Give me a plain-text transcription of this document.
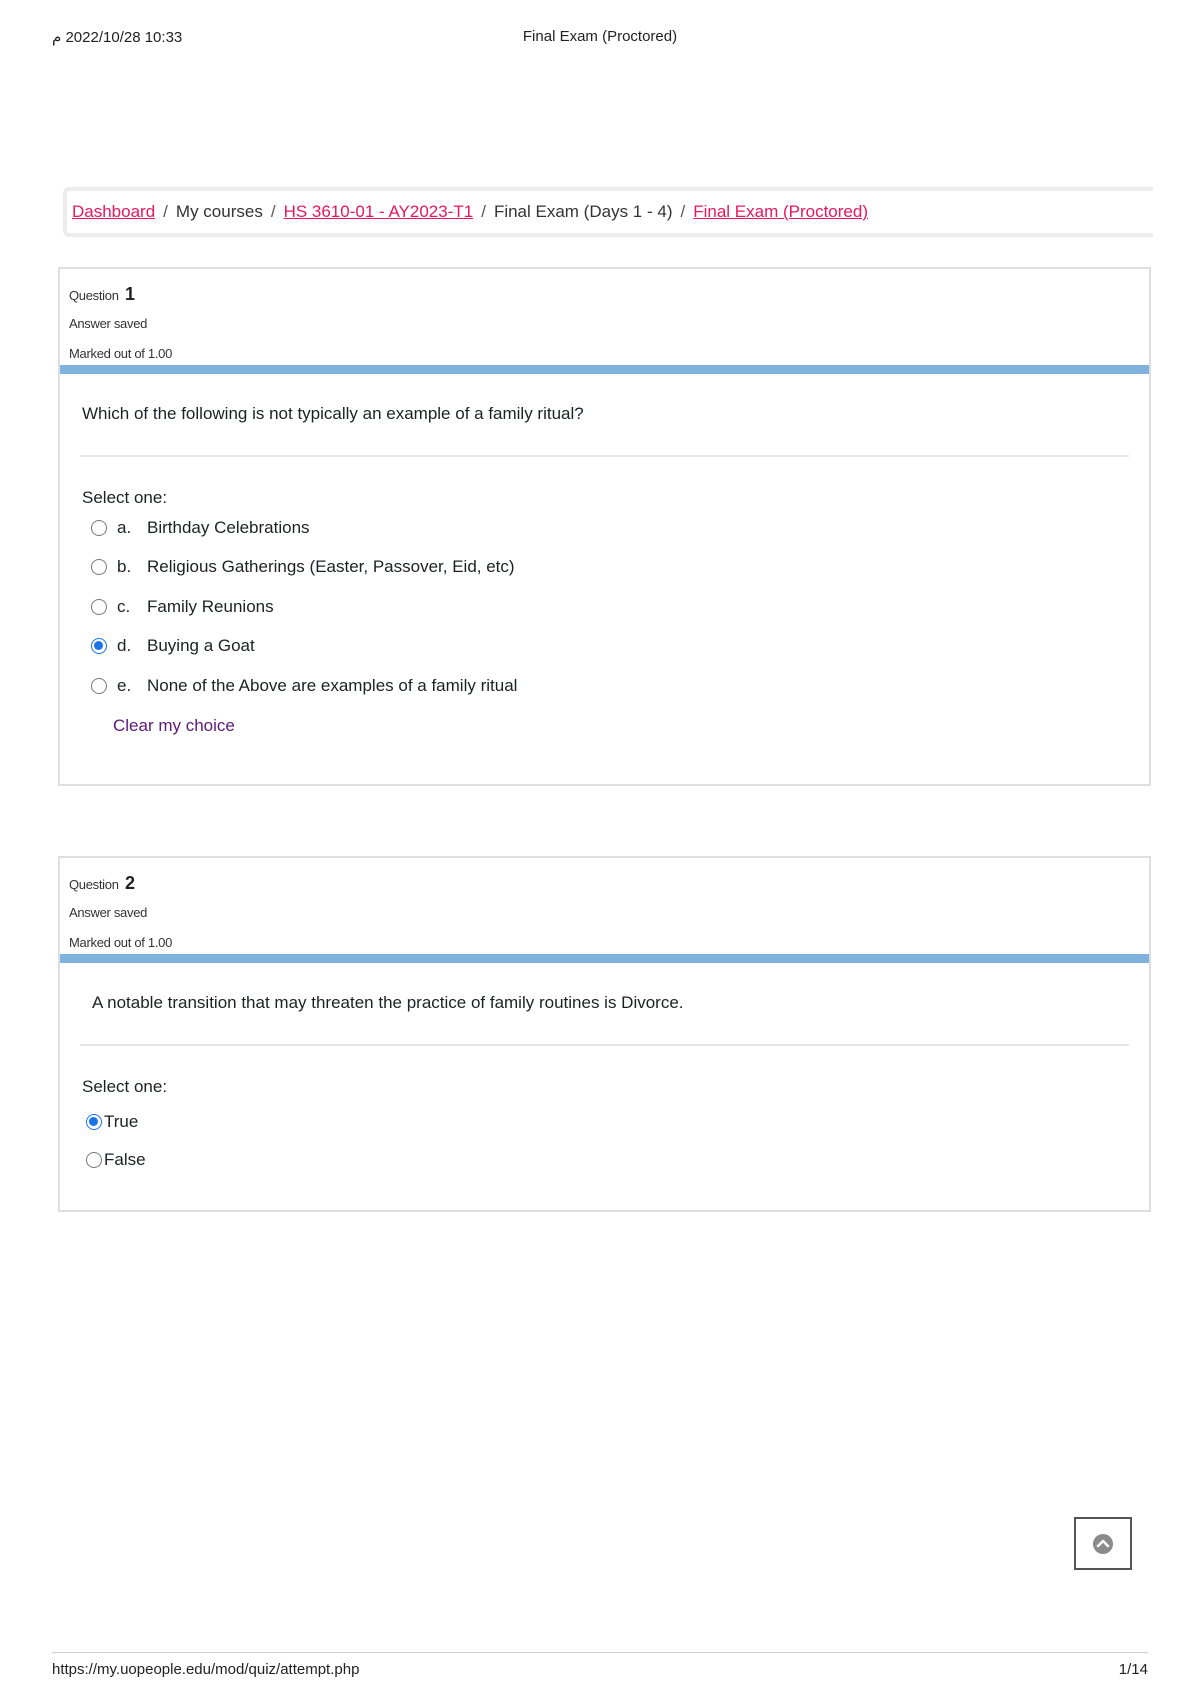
10:33 2022/10/28 م	Final Exam (Proctored)
Dashboard / My courses / HS 3610-01 - AY2023-T1 / Final Exam (Days 1 - 4) / Final Exam (Proctored)
Question 1
Answer saved
Marked out of 1.00
Which of the following is not typically an example of a family ritual?
Select one:
a. Birthday Celebrations
b. Religious Gatherings (Easter, Passover, Eid, etc)
c. Family Reunions
d. Buying a Goat
e. None of the Above are examples of a family ritual
Clear my choice
Question 2
Answer saved
Marked out of 1.00
A notable transition that may threaten the practice of family routines is Divorce.
Select one:
True
False
https://my.uopeople.edu/mod/quiz/attempt.php	1/14
